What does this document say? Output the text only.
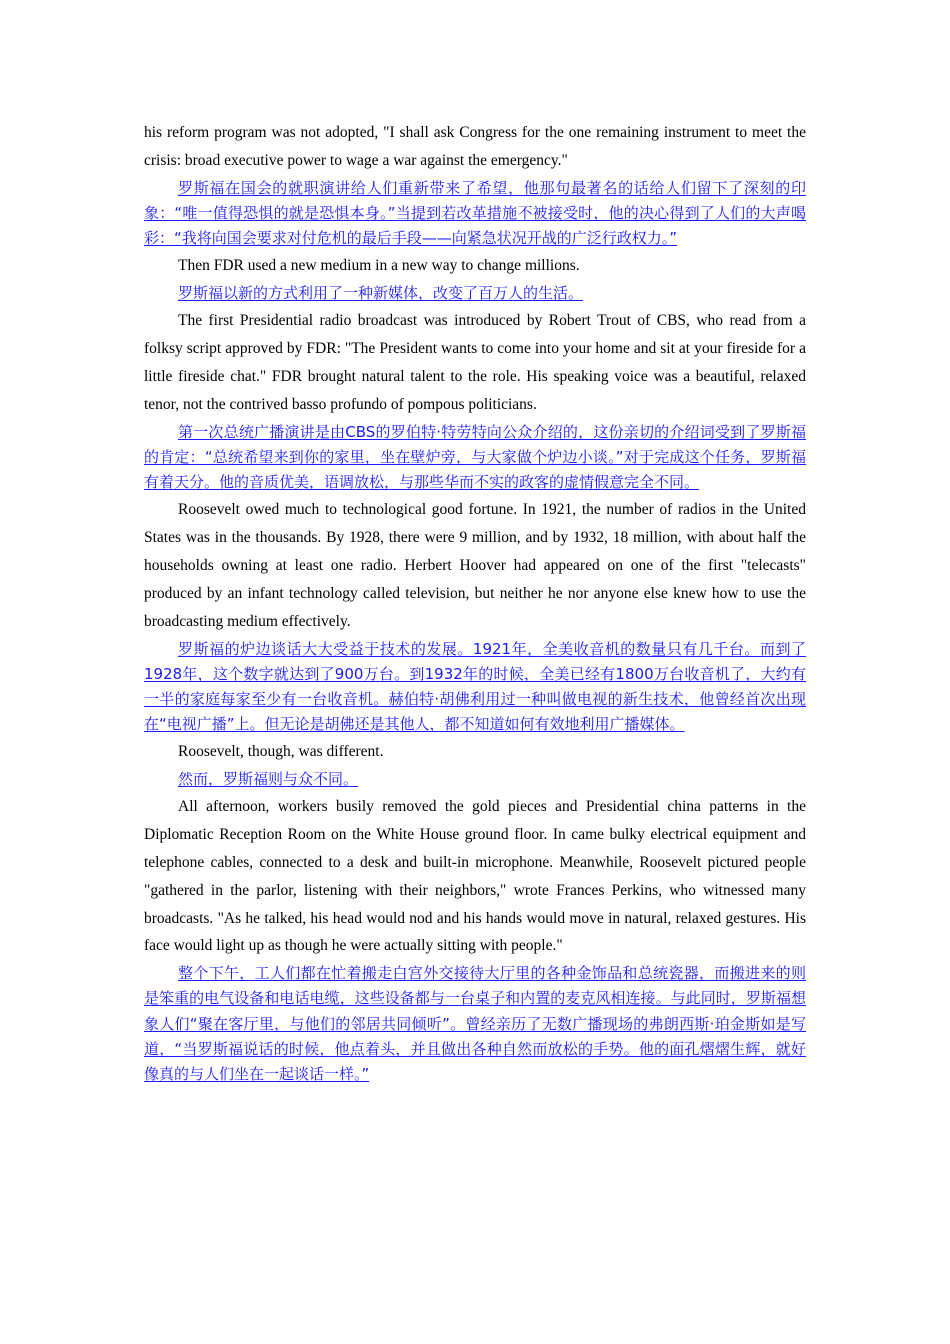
his reform program was not adopted, "I shall ask Congress for the one remaining instrument to meet the crisis: broad executive power to wage a war against the emergency."

罗斯福在国会的就职演讲给人们重新带来了希望，他那句最著名的话给人们留下了深刻的印象：“唯一值得恐惧的就是恐惧本身。”当提到若改革措施不被接受时，他的决心得到了人们的大声喝彩：“我将向国会要求对付危机的最后手段——向紧急状况开战的广泛行政权力。”

Then FDR used a new medium in a new way to change millions.

罗斯福以新的方式利用了一种新媒体，改变了百万人的生活。

The first Presidential radio broadcast was introduced by Robert Trout of CBS, who read from a folksy script approved by FDR: "The President wants to come into your home and sit at your fireside for a little fireside chat." FDR brought natural talent to the role. His speaking voice was a beautiful, relaxed tenor, not the contrived basso profundo of pompous politicians.

第一次总统广播演讲是由CBS的罗伯特·特劳特向公众介绍的，这份亲切的介绍词受到了罗斯福的肯定：“总统希望来到你的家里，坐在壁炉旁，与大家做个炉边小谈。”对于完成这个任务，罗斯福有着天分。他的音质优美，语调放松，与那些华而不实的政客的虚情假意完全不同。

Roosevelt owed much to technological good fortune. In 1921, the number of radios in the United States was in the thousands. By 1928, there were 9 million, and by 1932, 18 million, with about half the households owning at least one radio. Herbert Hoover had appeared on one of the first "telecasts" produced by an infant technology called television, but neither he nor anyone else knew how to use the broadcasting medium effectively.

罗斯福的炉边谈话大大受益于技术的发展。1921年，全美收音机的数量只有几千台。而到了1928年，这个数字就达到了900万台。到1932年的时候，全美已经有1800万台收音机了，大约有一半的家庭每家至少有一台收音机。赫伯特·胡佛利用过一种叫做电视的新生技术，他曾经首次出现在“电视广播”上。但无论是胡佛还是其他人，都不知道如何有效地利用广播媒体。

Roosevelt, though, was different.

然而，罗斯福则与众不同。

All afternoon, workers busily removed the gold pieces and Presidential china patterns in the Diplomatic Reception Room on the White House ground floor. In came bulky electrical equipment and telephone cables, connected to a desk and built-in microphone. Meanwhile, Roosevelt pictured people "gathered in the parlor, listening with their neighbors," wrote Frances Perkins, who witnessed many broadcasts. "As he talked, his head would nod and his hands would move in natural, relaxed gestures. His face would light up as though he were actually sitting with people."

整个下午，工人们都在忙着搬走白宫外交接待大厅里的各种金饰品和总统瓷器，而搬进来的则是笨重的电气设备和电话电缆，这些设备都与一台桌子和内置的麦克风相连接。与此同时，罗斯福想象人们“聚在客厅里，与他们的邻居共同倾听”。曾经亲历了无数广播现场的弗朗西斯·珀金斯如是写道，“当罗斯福说话的时候，他点着头，并且做出各种自然而放松的手势。他的面孔熠熠生辉，就好像真的与人们坐在一起谈话一样。”
